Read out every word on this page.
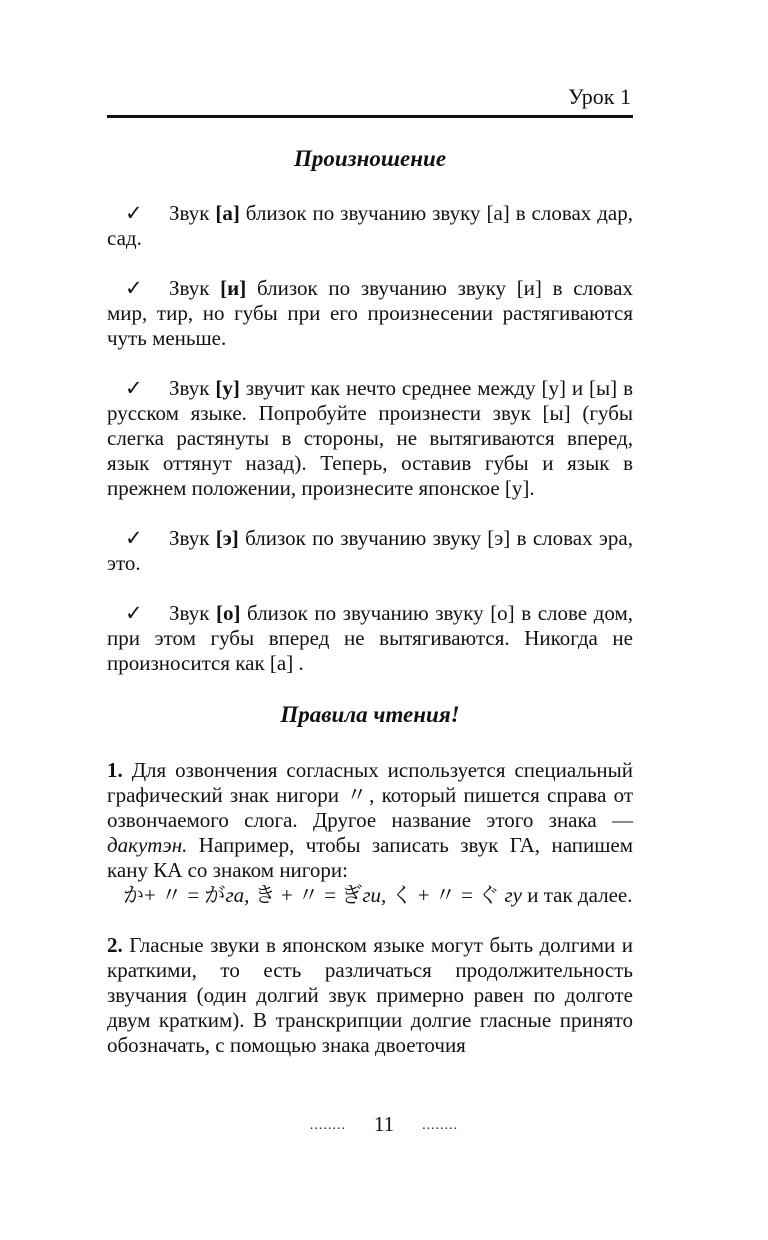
Урок 1
Произношение

✓ Звук [а] близок по звучанию звуку [а] в словах дар, сад.

✓ Звук [и] близок по звучанию звуку [и] в словах мир, тир, но губы при его произнесении растягиваются чуть меньше.

✓ Звук [у] звучит как нечто среднее между [у] и [ы] в русском языке. Попробуйте произнести звук [ы] (губы слегка растянуты в стороны, не вытягиваются вперед, язык оттянут назад). Теперь, оставив губы и язык в прежнем положении, произнесите японское [у].

✓ Звук [э] близок по звучанию звуку [э] в словах эра, это.

✓ Звук [о] близок по звучанию звуку [о] в слове дом, при этом губы вперед не вытягиваются. Никогда не произносится как [а] .

Правила чтения!

1. Для озвончения согласных используется специальный графический знак нигори 〃, который пишется справа от озвончаемого слога. Другое название этого знака — дакутэн. Например, чтобы записать звук ГА, напишем кану КА со знаком нигори:

か+ 〃 = がга, き + 〃 = ぎги, く + 〃 = ぐ гу и так далее.

2. Гласные звуки в японском языке могут быть долгими и краткими, то есть различаться продолжительность звучания (один долгий звук примерно равен по долготе двум кратким). В транскрипции долгие гласные принято обозначать, с помощью знака двоеточия

........ 11 ........
